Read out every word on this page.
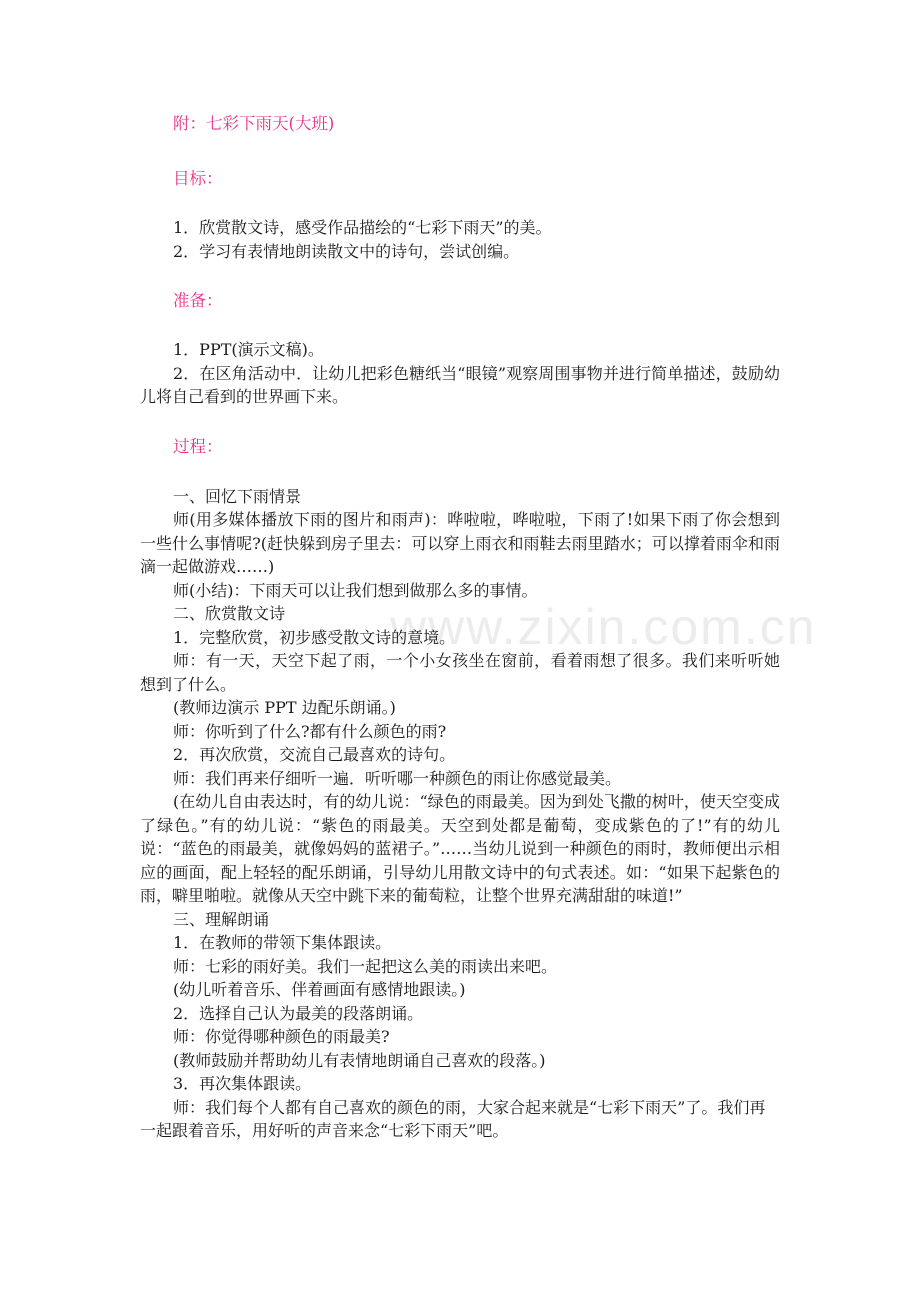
www.zixin.com.cn
附：七彩下雨天(大班)
目标：

1．欣赏散文诗，感受作品描绘的“七彩下雨天”的美。

2．学习有表情地朗读散文中的诗句，尝试创编。

准备：

1．PPT(演示文稿)。

2．在区角活动中．让幼儿把彩色糖纸当“眼镜”观察周围事物并进行简单描述，鼓励幼儿将自己看到的世界画下来。

过程：

一、回忆下雨情景

师(用多媒体播放下雨的图片和雨声)：哗啦啦，哗啦啦，下雨了!如果下雨了你会想到一些什么事情呢?(赶快躲到房子里去：可以穿上雨衣和雨鞋去雨里踏水；可以撑着雨伞和雨滴一起做游戏……)

师(小结)：下雨天可以让我们想到做那么多的事情。

二、欣赏散文诗

1．完整欣赏，初步感受散文诗的意境。

师：有一天，天空下起了雨，一个小女孩坐在窗前，看着雨想了很多。我们来听听她想到了什么。

(教师边演示 PPT 边配乐朗诵。)

师：你听到了什么?都有什么颜色的雨?

2．再次欣赏，交流自己最喜欢的诗句。

师：我们再来仔细听一遍．听听哪一种颜色的雨让你感觉最美。

(在幼儿自由表达时，有的幼儿说：“绿色的雨最美。因为到处飞撒的树叶，使天空变成了绿色。”有的幼儿说：“紫色的雨最美。天空到处都是葡萄，变成紫色的了!”有的幼儿说：“蓝色的雨最美，就像妈妈的蓝裙子。”……当幼儿说到一种颜色的雨时，教师便出示相应的画面，配上轻轻的配乐朗诵，引导幼儿用散文诗中的句式表述。如：“如果下起紫色的雨，噼里啪啦。就像从天空中跳下来的葡萄粒，让整个世界充满甜甜的味道!”

三、理解朗诵

1．在教师的带领下集体跟读。

师：七彩的雨好美。我们一起把这么美的雨读出来吧。

(幼儿听着音乐、伴着画面有感情地跟读。)

2．选择自己认为最美的段落朗诵。

师：你觉得哪种颜色的雨最美?

(教师鼓励并帮助幼儿有表情地朗诵自己喜欢的段落。)

3．再次集体跟读。

师：我们每个人都有自己喜欢的颜色的雨，大家合起来就是“七彩下雨天”了。我们再一起跟着音乐，用好听的声音来念“七彩下雨天”吧。
